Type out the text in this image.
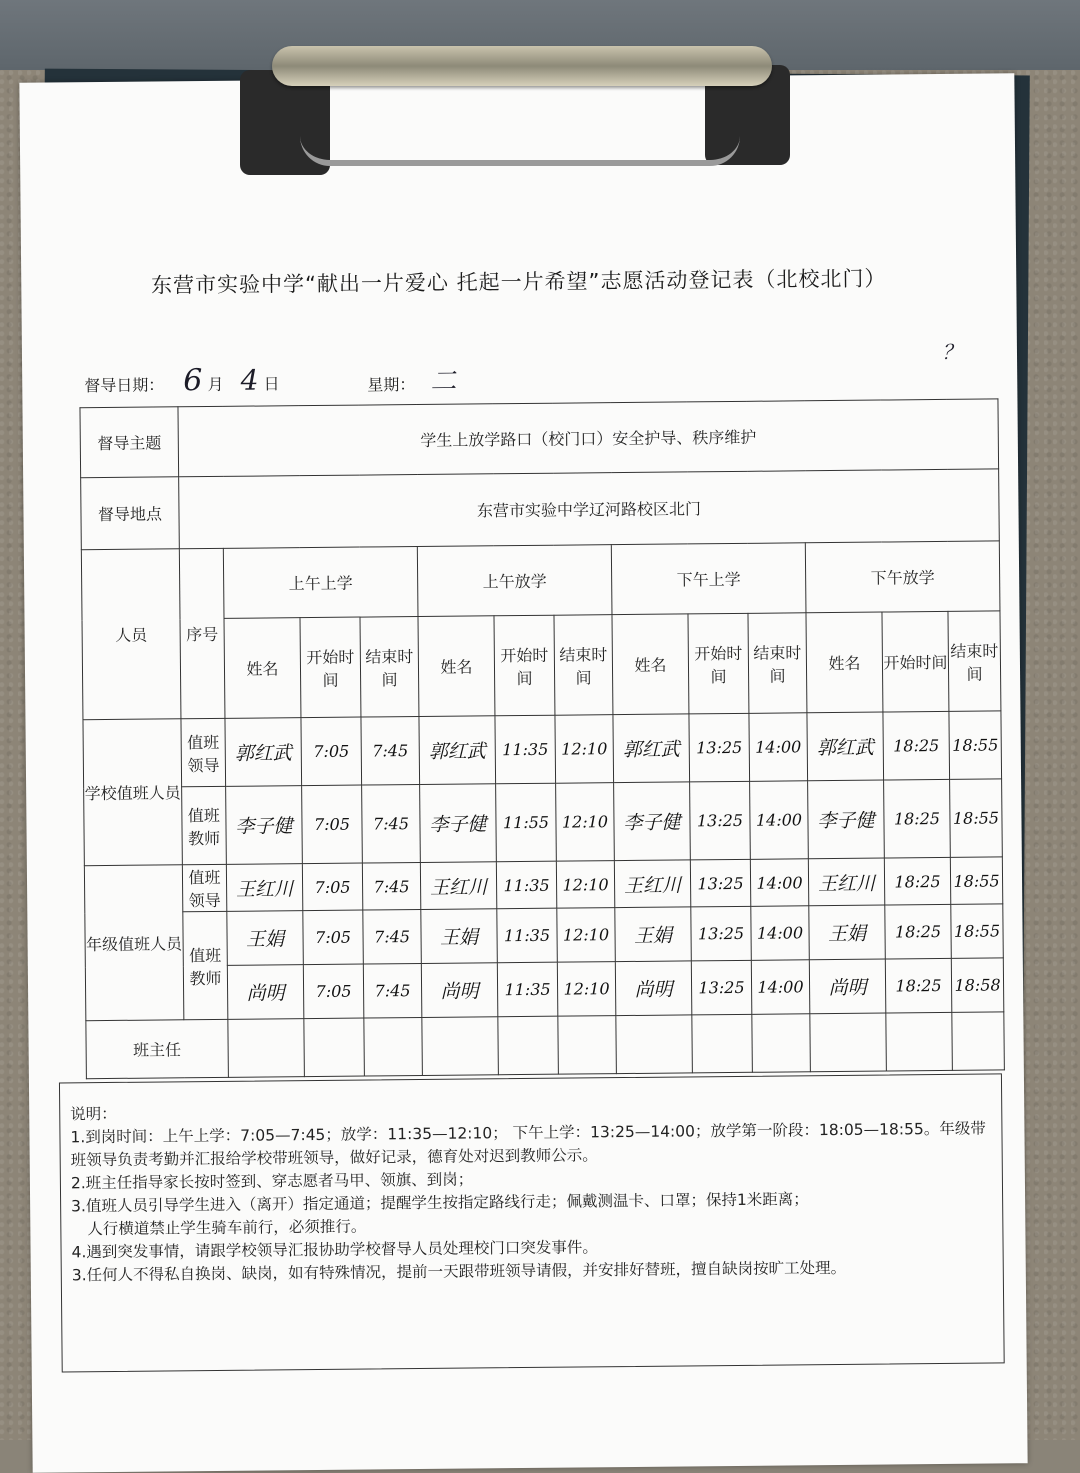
东营市实验中学“献出一片爱心 托起一片希望”志愿活动登记表（北校北门）
督导日期： 6 月 4 日	星期： 二
？
督导主题	学生上放学路口（校门口）安全护导、秩序维护												
督导地点	东营市实验中学辽河路校区北门												
人员	序号	上午上学			上午放学			下午上学			下午放学		
		姓名	开始时间	结束时间	姓名	开始时间	结束时间	姓名	开始时间	结束时间	姓名	开始时间	结束时间
学校值班人员	值班领导	郭红武	7:05	7:45	郭红武	11:35	12:10	郭红武	13:25	14:00	郭红武	18:25	18:55
	值班教师	李子健	7:05	7:45	李子健	11:55	12:10	李子健	13:25	14:00	李子健	18:25	18:55
年级值班人员	值班领导	王红川	7:05	7:45	王红川	11:35	12:10	王红川	13:25	14:00	王红川	18:25	18:55
	值班教师	王娟	7:05	7:45	王娟	11:35	12:10	王娟	13:25	14:00	王娟	18:25	18:55
		尚明	7:05	7:45	尚明	11:35	12:10	尚明	13:25	14:00	尚明	18:25	18:58
班主任													
说明：
1.到岗时间：上午上学：7:05—7:45；放学：11:35—12:10； 下午上学：13:25—14:00；放学第一阶段：18:05—18:55。年级带班领导负责考勤并汇报给学校带班领导，做好记录，德育处对迟到教师公示。
2.班主任指导家长按时签到、穿志愿者马甲、领旗、到岗；
3.值班人员引导学生进入（离开）指定通道；提醒学生按指定路线行走；佩戴测温卡、口罩；保持1米距离；
人行横道禁止学生骑车前行，必须推行。
4.遇到突发事情，请跟学校领导汇报协助学校督导人员处理校门口突发事件。
3.任何人不得私自换岗、缺岗，如有特殊情况，提前一天跟带班领导请假，并安排好替班，擅自缺岗按旷工处理。
